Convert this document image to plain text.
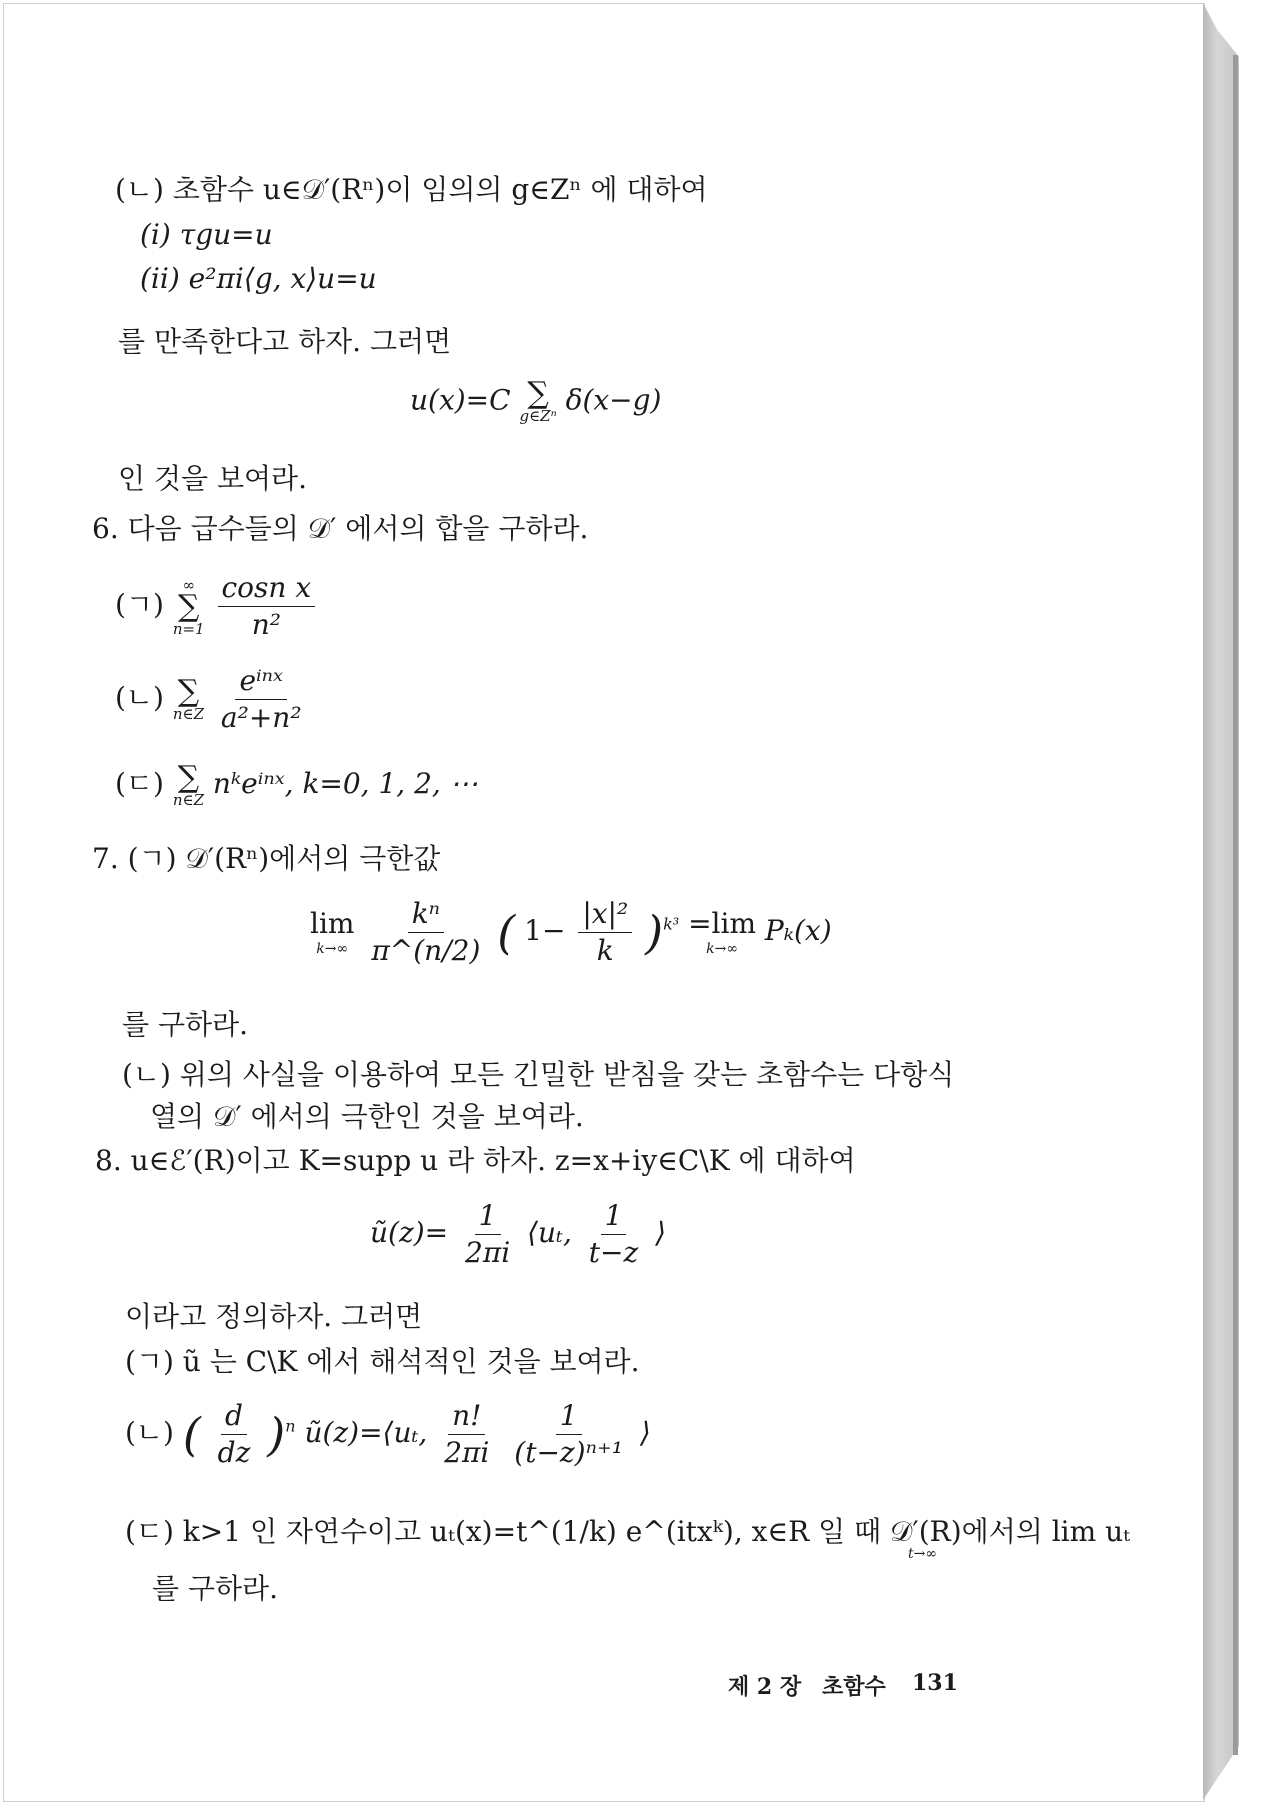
(ㄴ) 초함수 u∈𝒟′(Rⁿ)이 임의의 g∈Zⁿ 에 대하여
(i) τgu=u
(ii) e²πi⟨g, x⟩u=u
를 만족한다고 하자. 그러면
u(x)=C ∑
g∈Zⁿ δ(x−g)
인 것을 보여라.
6. 다음 급수들의 𝒟′ 에서의 합을 구하라.
(ㄱ)
∞
∑
n=1
$\frac{\text{cosn x}}{\text{n²}}$
(ㄴ) ∑
n∈Z
$\frac{\text{eⁱⁿˣ}}{\text{a²+n²}}$
(ㄷ) ∑
n∈Z nᵏeⁱⁿˣ, k=0, 1, 2, ⋯
7. (ㄱ) 𝒟′(Rⁿ)에서의 극한값
lim
k→∞
$\frac{\text{kⁿ}}{\pi\^{}(n/2)}$ ( $1- \frac{\text{|x|²}}{k} )^{k^3} =\lim$
k→∞
Pₖ(x)
를 구하라.
(ㄴ) 위의 사실을 이용하여 모든 긴밀한 받침을 갖는 초함수는 다항식
열의 𝒟′ 에서의 극한인 것을 보여라.
8. u∈ℰ′(R)이고 K=supp u 라 하자. z=x+iy∈C\K 에 대하여
ũ(z)= $\frac{1}{2\pi i}$ ⟨uₜ, $\frac{1}{t-z}$ ⟩
이라고 정의하자. 그러면
(ㄱ) ũ 는 C\K 에서 해석적인 것을 보여라.
(ㄴ) ( $\frac{d}{dz} )^n$ ũ(z)=⟨uₜ, $\frac{n!}{2\pi i}$
$\frac{1}{\text{(t−z)ⁿ⁺¹}}$ ⟩
(ㄷ) k>1 인 자연수이고 uₜ(x)=t^(1/k) e^(itxᵏ), x∈R 일 때 𝒟′(R)에서의 lim uₜ
t→∞
를 구하라.
제 2 장 초함수 131
